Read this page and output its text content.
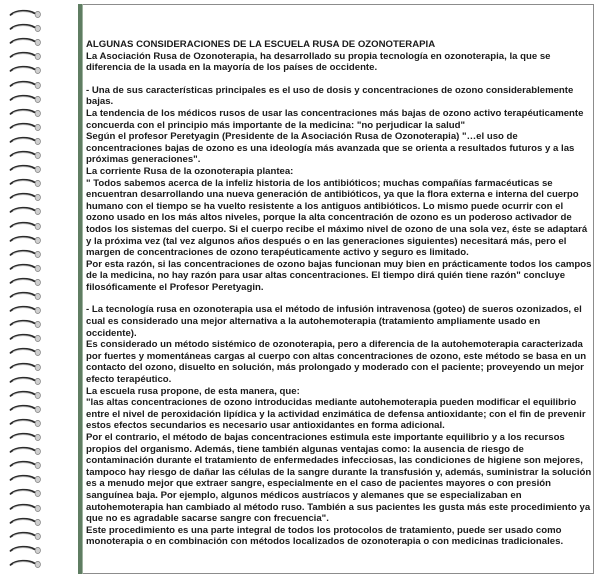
ALGUNAS CONSIDERACIONES DE LA ESCUELA RUSA DE OZONOTERAPIA

La Asociación Rusa de Ozonoterapia, ha desarrollado su propia tecnología en ozonoterapia, la que se diferencia de la usada en la mayoría de los países de occidente.

- Una de sus características principales es el uso de dosis y concentraciones de ozono considerablemente bajas.

La tendencia de los médicos rusos de usar las concentraciones más bajas de ozono activo terapéuticamente concuerda con el principio más importante de la medicina: "no perjudicar la salud"

Según el profesor Peretyagin (Presidente de la Asociación Rusa de Ozonoterapia) "…el uso de concentraciones bajas de ozono es una ideología más avanzada que se orienta a resultados futuros y a las próximas generaciones".

La corriente Rusa de la ozonoterapia plantea:

" Todos sabemos acerca de la infeliz historia de los antibióticos; muchas compañías farmacéuticas se encuentran desarrollando una nueva generación de antibióticos, ya que la flora externa e interna del cuerpo humano con el tiempo se ha vuelto resistente a los antiguos antibióticos. Lo mismo puede ocurrir con el ozono usado en los más altos niveles, porque la alta concentración de ozono es un poderoso activador de todos los sistemas del cuerpo. Si el cuerpo recibe el máximo nivel de ozono de una sola vez, éste se adaptará y la próxima vez (tal vez algunos años después o en las generaciones siguientes) necesitará más, pero el margen de concentraciones de ozono terapéuticamente activo y seguro es limitado.

Por esta razón, si las concentraciones de ozono bajas funcionan muy bien en prácticamente todos los campos de la medicina, no hay razón para usar altas concentraciones. El tiempo dirá quién tiene razón" concluye filosóficamente el Profesor Peretyagin.

- La tecnología rusa en ozonoterapia usa el método de infusión intravenosa (goteo) de sueros ozonizados, el cual es considerado una mejor alternativa a la autohemoterapia (tratamiento ampliamente usado en occidente).

Es considerado un método sistémico de ozonoterapia, pero a diferencia de la autohemoterapia caracterizada por fuertes y momentáneas cargas al cuerpo con altas concentraciones de ozono, este método se basa en un contacto del ozono, disuelto en solución, más prolongado y moderado con el paciente; proveyendo un mejor efecto terapéutico.

La escuela rusa propone, de esta manera, que:

"las altas concentraciones de ozono introducidas mediante autohemoterapia pueden modificar el equilibrio entre el nivel de peroxidación lipídica y la actividad enzimática de defensa antioxidante; con el fin de prevenir estos efectos secundarios es necesario usar antioxidantes en forma adicional.

Por el contrario, el método de bajas concentraciones estimula este importante equilibrio y a los recursos propios del organismo. Además, tiene también algunas ventajas como: la ausencia de riesgo de contaminación durante el tratamiento de enfermedades infecciosas, las condiciones de higiene son mejores, tampoco hay riesgo de dañar las células de la sangre durante la transfusión y, además, suministrar la solución es a menudo mejor que extraer sangre, especialmente en el caso de pacientes mayores o con presión sanguínea baja. Por ejemplo, algunos médicos austríacos y alemanes que se especializaban en autohemoterapia han cambiado al método ruso. También a sus pacientes les gusta más este procedimiento ya que no es agradable sacarse sangre con frecuencia".

Este procedimiento es una parte integral de todos los protocolos de tratamiento, puede ser usado como monoterapia o en combinación con métodos localizados de ozonoterapia o con medicinas tradicionales.
